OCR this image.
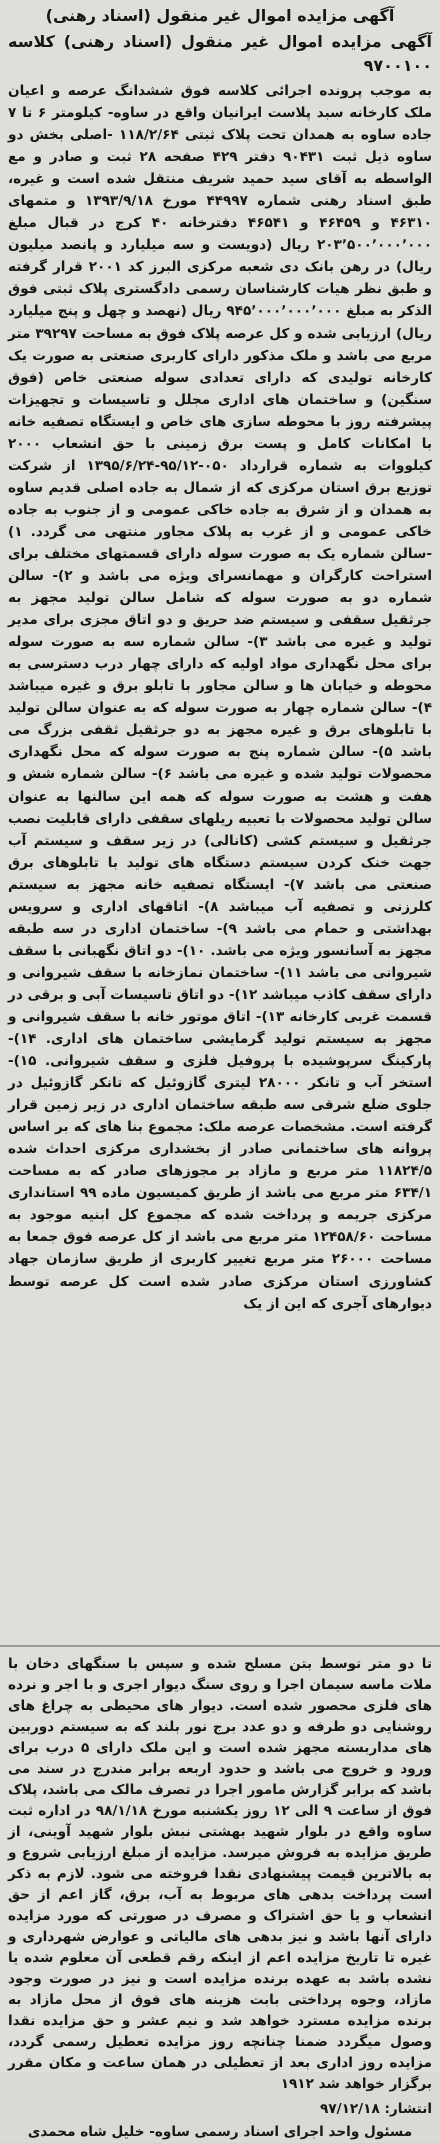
آگهی مزایده اموال غیر منقول (اسناد رهنی)

آگهی مزایده اموال غیر منقول (اسناد رهنی) کلاسه ۹۷۰۰۱۰۰

به موجب پرونده اجرائی کلاسه فوق ششدانگ عرصه و اعیان ملک کارخانه سبد پلاست ایرانیان واقع در ساوه- کیلومتر ۶ تا ۷ جاده ساوه به همدان تحت پلاک ثبتی ۱۱۸/۲/۶۴ -اصلی بخش دو ساوه ذیل ثبت ۹۰۴۳۱ دفتر ۴۲۹ صفحه ۲۸ ثبت و صادر و مع الواسطه به آقای سید حمید شریف منتقل شده است و غیره، طبق اسناد رهنی شماره ۴۴۹۹۷ مورخ ۱۳۹۳/۹/۱۸ و متمهای ۴۶۳۱۰ و ۴۶۴۵۹ و ۴۶۵۴۱ دفترخانه ۴۰ کرج در قبال مبلغ ۲۰۳٬۵۰۰٬۰۰۰٬۰۰۰ ریال (دویست و سه میلیارد و پانصد میلیون ریال) در رهن بانک دی شعبه مرکزی البرز کد ۲۰۰۱ قرار گرفته و طبق نظر هیات کارشناسان رسمی دادگستری پلاک ثبتی فوق الذکر به مبلغ ۹۴۵٬۰۰۰٬۰۰۰٬۰۰۰ ریال (نهصد و چهل و پنج میلیارد ریال) ارزیابی شده و کل عرصه پلاک فوق به مساحت ۳۹۲۹۷ متر مربع می باشد و ملک مذکور دارای کاربری صنعتی به صورت یک کارخانه تولیدی که دارای تعدادی سوله صنعتی خاص (فوق سنگین) و ساختمان های اداری مجلل و تاسیسات و تجهیزات پیشرفته روز با محوطه سازی های خاص و ایستگاه تصفیه خانه با امکانات کامل و پست برق زمینی با حق انشعاب ۲۰۰۰ کیلووات به شماره قرارداد ۰۵۰-۹۵/۱۲-۱۳۹۵/۶/۲۴ از شرکت توزیع برق استان مرکزی که از شمال به جاده اصلی قدیم ساوه به همدان و از شرق به جاده خاکی عمومی و از جنوب به جاده خاکی عمومی و از غرب به پلاک مجاور منتهی می گردد. ۱) -سالن شماره یک به صورت سوله دارای قسمتهای مختلف برای استراحت کارگران و مهمانسرای ویژه می باشد و ۲)- سالن شماره دو به صورت سوله که شامل سالن تولید مجهز به جرثقیل سقفی و سیستم ضد حریق و دو اتاق مجزی برای مدیر تولید و غیره می باشد ۳)- سالن شماره سه به صورت سوله برای محل نگهداری مواد اولیه که دارای چهار درب دسترسی به محوطه و خیابان ها و سالن مجاور با تابلو برق و غیره میباشد ۴)- سالن شماره چهار به صورت سوله که به عنوان سالن تولید با تابلوهای برق و غیره مجهز به دو جرثقیل ثقفی بزرگ می باشد ۵)- سالن شماره پنج به صورت سوله که محل نگهداری محصولات تولید شده و غیره می باشد ۶)- سالن شماره شش و هفت و هشت به صورت سوله که همه این سالنها به عنوان سالن تولید محصولات با تعبیه ریلهای سقفی دارای قابلیت نصب جرثقیل و سیستم کشی (کانالی) در زیر سقف و سیستم آب جهت خنک کردن سیستم دستگاه های تولید با تابلوهای برق صنعتی می باشد ۷)- ایستگاه تصفیه خانه مجهز به سیستم کلرزنی و تصفیه آب میباشد ۸)- اتاقهای اداری و سرویس بهداشتی و حمام می باشد ۹)- ساختمان اداری در سه طبقه مجهز به آسانسور ویژه می باشد. ۱۰)- دو اتاق نگهبانی با سقف شیروانی می باشد ۱۱)- ساختمان نمازخانه با سقف شیروانی و دارای سقف کاذب میباشد ۱۲)- دو اتاق تاسیسات آبی و برقی در قسمت غربی کارخانه ۱۳)- اتاق موتور خانه با سقف شیروانی و مجهز به سیستم تولید گرمایشی ساختمان های اداری. ۱۴)- پارکینگ سرپوشیده با پروفیل فلزی و سقف شیروانی. ۱۵)- استخر آب و تانکر ۲۸۰۰۰ لیتری گازوئیل که تانکر گازوئیل در جلوی ضلع شرقی سه طبقه ساختمان اداری در زیر زمین قرار گرفته است. مشخصات عرصه ملک: مجموع بنا های که بر اساس پروانه های ساختمانی صادر از بخشداری مرکزی احداث شده ۱۱۸۲۴/۵ متر مربع و مازاد بر مجوزهای صادر که به مساحت ۶۳۴/۱ متر مربع می باشد از طریق کمیسیون ماده ۹۹ استانداری مرکزی جریمه و پرداخت شده که مجموع کل ابنیه موجود به مساحت ۱۲۴۵۸/۶۰ متر مربع می باشد از کل عرصه فوق جمعا به مساحت ۲۶۰۰۰ متر مربع تغییر کاربری از طریق سازمان جهاد کشاورزی استان مرکزی صادر شده است کل عرصه توسط دیوارهای آجری که این از یک

تا دو متر توسط بتن مسلح شده و سپس با سنگهای دخان با ملات ماسه سیمان اجرا و روی سنگ دیوار اجری و با اجر و نرده های فلزی محصور شده است. دیوار های محیطی به چراغ های روشنایی دو طرفه و دو عدد برج نور بلند که به سیستم دوربین های مداربسته مجهز شده است و این ملک دارای ۵ درب برای ورود و خروج می باشد و حدود اربعه برابر مندرج در سند می باشد که برابر گزارش مامور اجرا در تصرف مالک می باشد، پلاک فوق از ساعت ۹ الی ۱۲ روز یکشنبه مورخ ۹۸/۱/۱۸ در اداره ثبت ساوه واقع در بلوار شهید بهشتی نبش بلوار شهید آوینی، از طریق مزایده به فروش میرسد. مزایده از مبلغ ارزیابی شروع و به بالاترین قیمت پیشنهادی نقدا فروخته می شود. لازم به ذکر است پرداخت بدهی های مربوط به آب، برق، گاز اعم از حق انشعاب و یا حق اشتراک و مصرف در صورتی که مورد مزایده دارای آنها باشد و نیز بدهی های مالیاتی و عوارض شهرداری و غیره تا تاریخ مزایده اعم از اینکه رقم قطعی آن معلوم شده یا نشده باشد به عهده برنده مزایده است و نیز در صورت وجود مازاد، وجوه پرداختی بابت هزینه های فوق از محل مازاد به برنده مزایده مسترد خواهد شد و نیم عشر و حق مزایده نقدا وصول میگردد ضمنا چنانچه روز مزایده تعطیل رسمی گردد، مزایده روز اداری بعد از تعطیلی در همان ساعت و مکان مقرر برگزار خواهد شد ۱۹۱۲

انتشار: ۹۷/۱۲/۱۸

مسئول واحد اجرای اسناد رسمی ساوه- خلیل شاه محمدی
